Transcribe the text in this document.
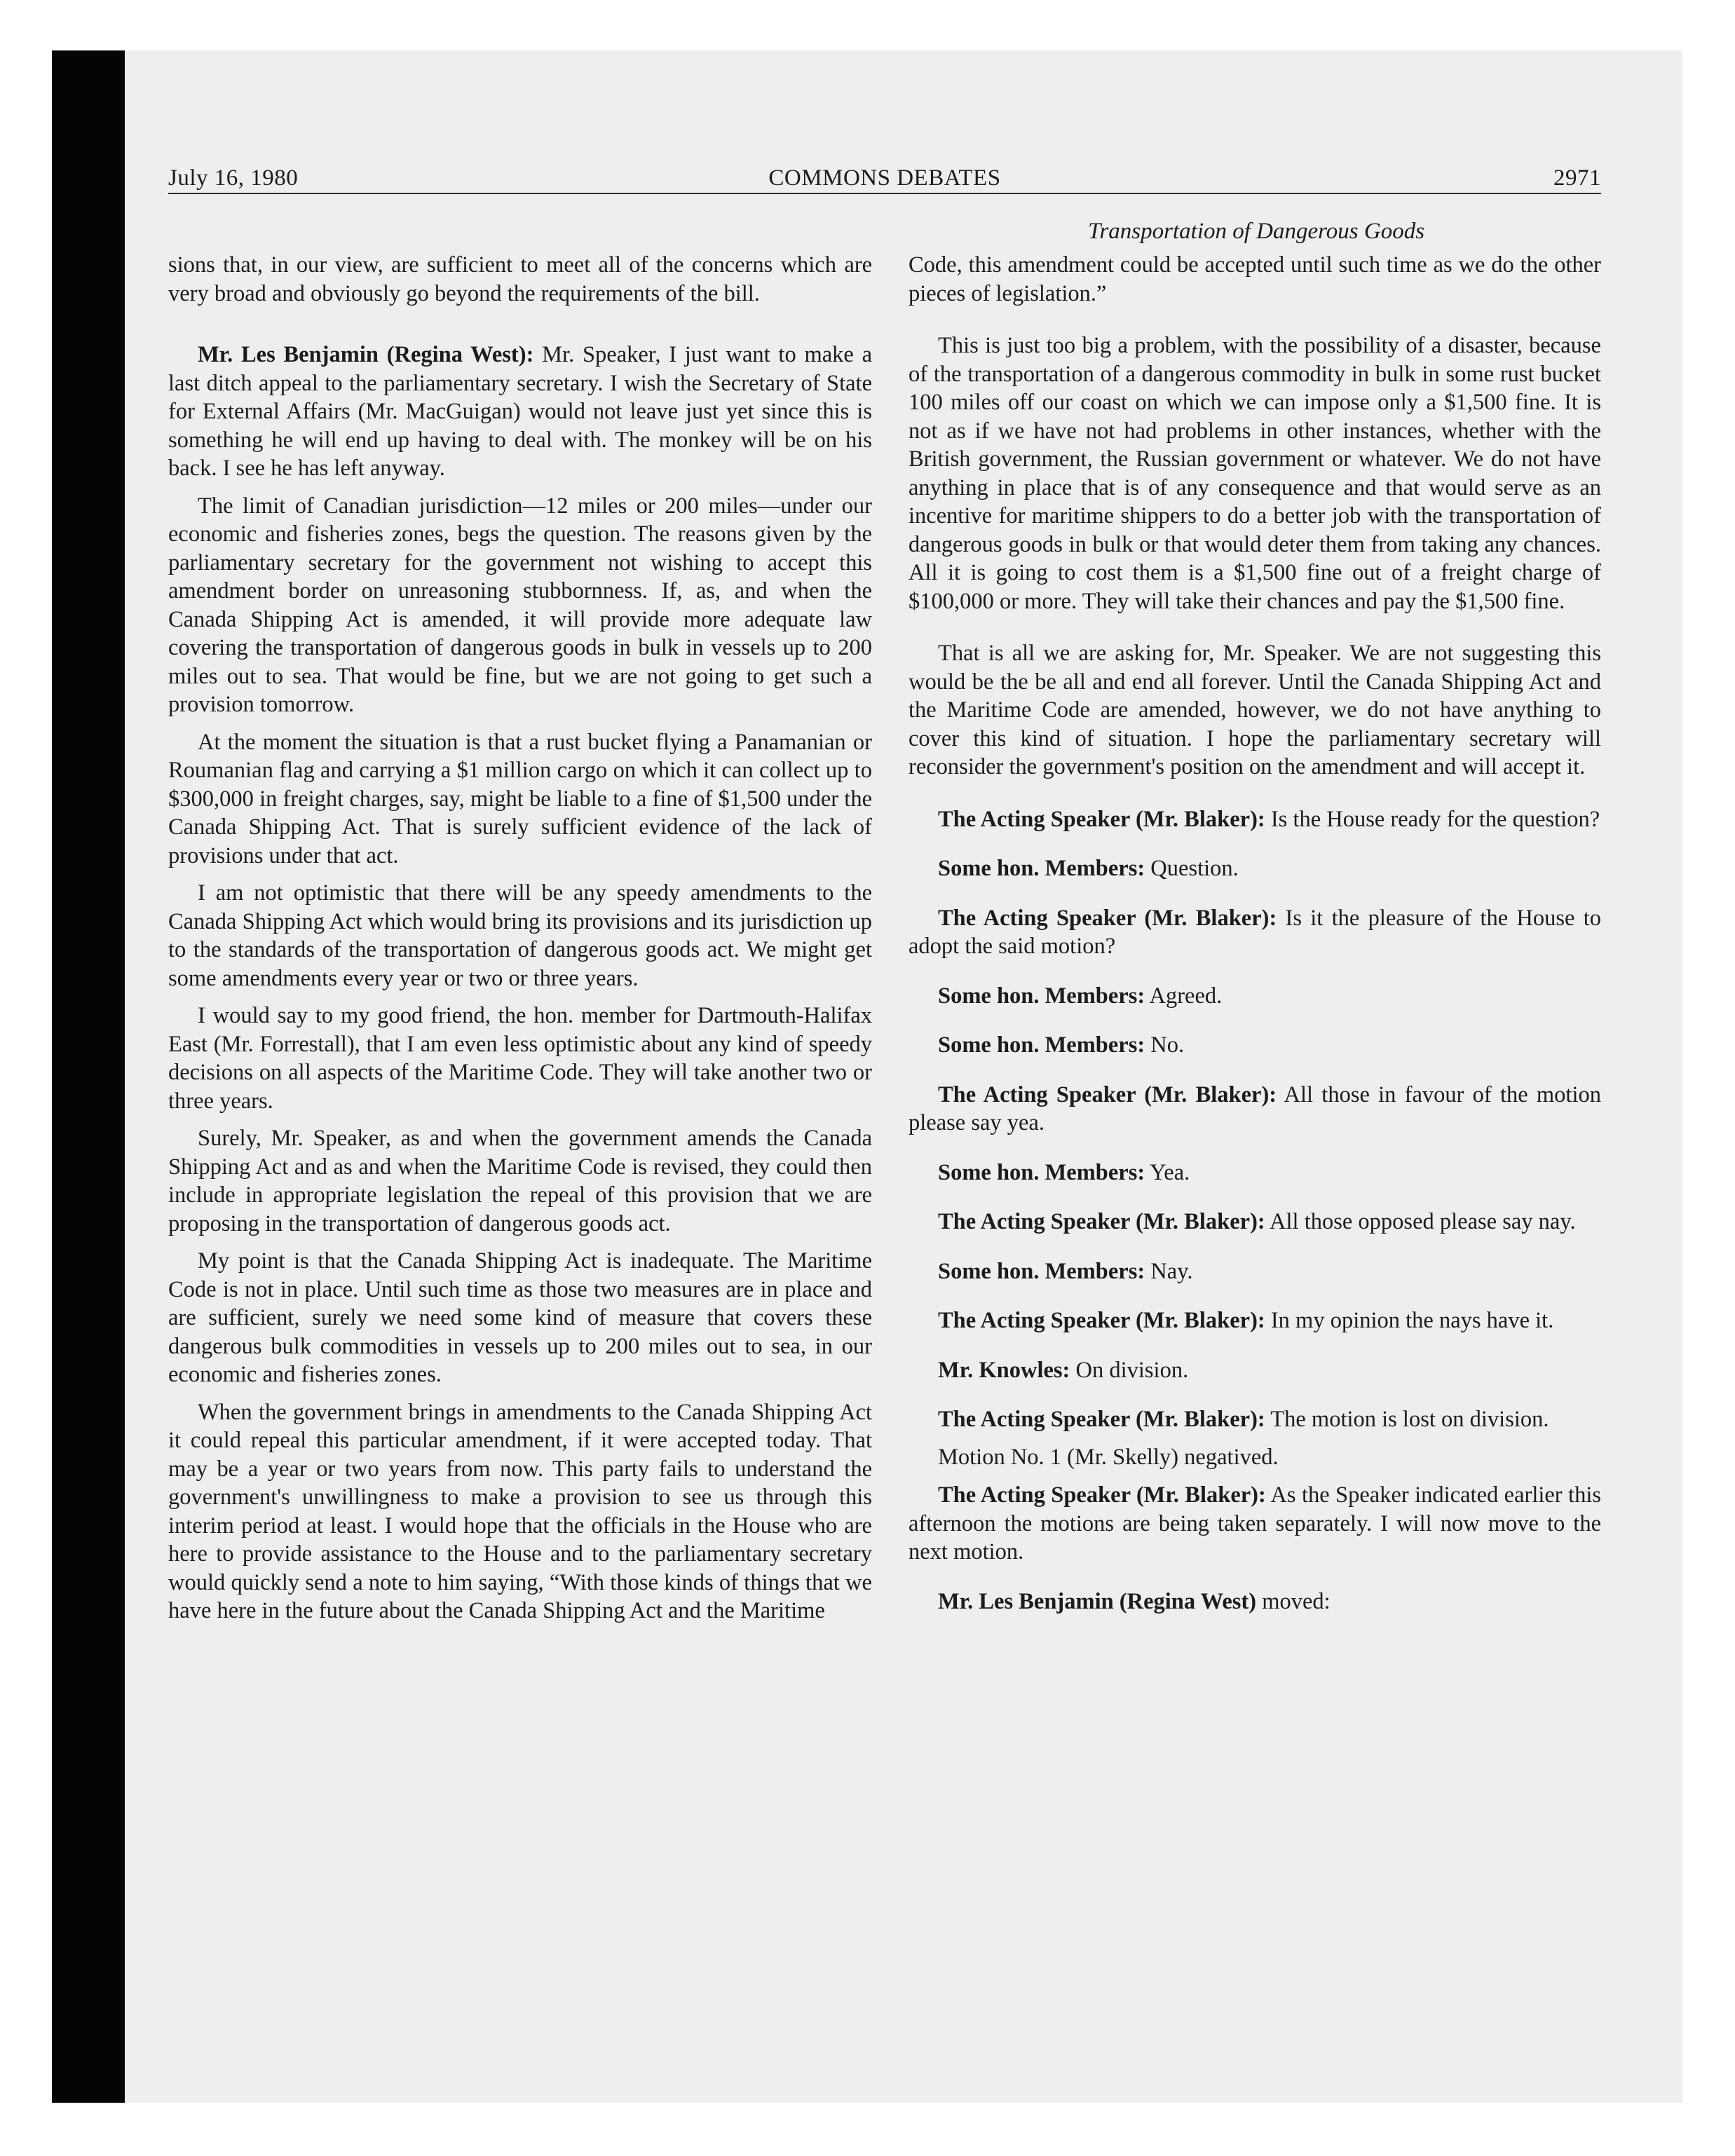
July 16, 1980	COMMONS DEBATES	2971
Transportation of Dangerous Goods

sions that, in our view, are sufficient to meet all of the concerns which are very broad and obviously go beyond the requirements of the bill.

Mr. Les Benjamin (Regina West): Mr. Speaker, I just want to make a last ditch appeal to the parliamentary secretary. I wish the Secretary of State for External Affairs (Mr. MacGuigan) would not leave just yet since this is something he will end up having to deal with. The monkey will be on his back. I see he has left anyway.

The limit of Canadian jurisdiction—12 miles or 200 miles—under our economic and fisheries zones, begs the question. The reasons given by the parliamentary secretary for the government not wishing to accept this amendment border on unreasoning stubbornness. If, as, and when the Canada Shipping Act is amended, it will provide more adequate law covering the transportation of dangerous goods in bulk in vessels up to 200 miles out to sea. That would be fine, but we are not going to get such a provision tomorrow.

At the moment the situation is that a rust bucket flying a Panamanian or Roumanian flag and carrying a $1 million cargo on which it can collect up to $300,000 in freight charges, say, might be liable to a fine of $1,500 under the Canada Shipping Act. That is surely sufficient evidence of the lack of provisions under that act.

I am not optimistic that there will be any speedy amendments to the Canada Shipping Act which would bring its provisions and its jurisdiction up to the standards of the transportation of dangerous goods act. We might get some amendments every year or two or three years.

I would say to my good friend, the hon. member for Dartmouth-Halifax East (Mr. Forrestall), that I am even less optimistic about any kind of speedy decisions on all aspects of the Maritime Code. They will take another two or three years.

Surely, Mr. Speaker, as and when the government amends the Canada Shipping Act and as and when the Maritime Code is revised, they could then include in appropriate legislation the repeal of this provision that we are proposing in the transportation of dangerous goods act.

My point is that the Canada Shipping Act is inadequate. The Maritime Code is not in place. Until such time as those two measures are in place and are sufficient, surely we need some kind of measure that covers these dangerous bulk commodities in vessels up to 200 miles out to sea, in our economic and fisheries zones.

When the government brings in amendments to the Canada Shipping Act it could repeal this particular amendment, if it were accepted today. That may be a year or two years from now. This party fails to understand the government's unwillingness to make a provision to see us through this interim period at least. I would hope that the officials in the House who are here to provide assistance to the House and to the parliamentary secretary would quickly send a note to him saying, “With those kinds of things that we have here in the future about the Canada Shipping Act and the Maritime

Code, this amendment could be accepted until such time as we do the other pieces of legislation.”

This is just too big a problem, with the possibility of a disaster, because of the transportation of a dangerous commodity in bulk in some rust bucket 100 miles off our coast on which we can impose only a $1,500 fine. It is not as if we have not had problems in other instances, whether with the British government, the Russian government or whatever. We do not have anything in place that is of any consequence and that would serve as an incentive for maritime shippers to do a better job with the transportation of dangerous goods in bulk or that would deter them from taking any chances. All it is going to cost them is a $1,500 fine out of a freight charge of $100,000 or more. They will take their chances and pay the $1,500 fine.

That is all we are asking for, Mr. Speaker. We are not suggesting this would be the be all and end all forever. Until the Canada Shipping Act and the Maritime Code are amended, however, we do not have anything to cover this kind of situation. I hope the parliamentary secretary will reconsider the government's position on the amendment and will accept it.

The Acting Speaker (Mr. Blaker): Is the House ready for the question?

Some hon. Members: Question.

The Acting Speaker (Mr. Blaker): Is it the pleasure of the House to adopt the said motion?

Some hon. Members: Agreed.

Some hon. Members: No.

The Acting Speaker (Mr. Blaker): All those in favour of the motion please say yea.

Some hon. Members: Yea.

The Acting Speaker (Mr. Blaker): All those opposed please say nay.

Some hon. Members: Nay.

The Acting Speaker (Mr. Blaker): In my opinion the nays have it.

Mr. Knowles: On division.

The Acting Speaker (Mr. Blaker): The motion is lost on division.

Motion No. 1 (Mr. Skelly) negatived.

The Acting Speaker (Mr. Blaker): As the Speaker indicated earlier this afternoon the motions are being taken separately. I will now move to the next motion.

Mr. Les Benjamin (Regina West) moved:
